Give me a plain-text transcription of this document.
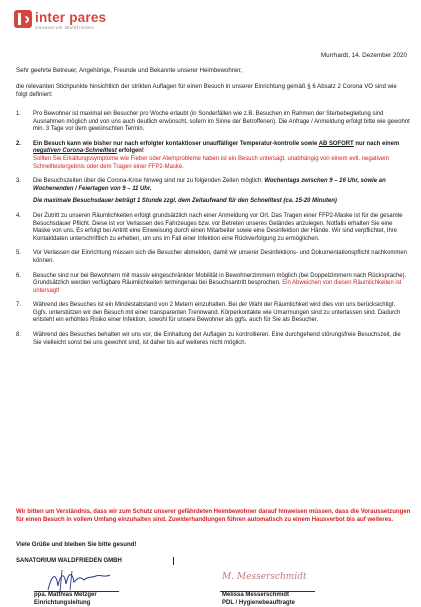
inter pares
Sanatorium Waldfrieden
Murrhardt, 14. Dezember 2020
Sehr geehrte Betreuer, Angehörige, Freunde und Bekannte unserer Heimbewohner,
die relevanten Stichpunkte hinsichtlich der strikten Auflagen für einen Besuch in unserer Einrichtung gemäß § 6 Absatz 2 Corona VO sind wie folgt definiert:
1.	Pro Bewohner ist maximal ein Besucher pro Woche erlaubt (in Sonderfällen wie z.B. Besuchen im Rahmen der Sterbebegleitung sind Ausnahmen möglich und von uns auch deutlich erwünscht, sofern im Sinne der Betroffenen). Die Anfrage / Anmeldung erfolgt bitte wie gewohnt min. 3 Tage vor dem gewünschten Termin.
2.	Ein Besuch kann wie bisher nur nach erfolgter kontaktloser unauffälliger Temperatur-kontrolle sowie AB SOFORT nur nach einem negativen Corona-Schnelltest erfolgen!
Sollten Sie Erkältungssymptome wie Fieber oder Atemprobleme haben ist ein Besuch untersagt, unabhängig von einem evtl. negativem Schnelltestergebnis oder dem Tragen einer FFP2-Maske.
3.	Die Besuchszeiten über die Corona-Krise hinweg sind nur zu folgenden Zeiten möglich: Wochentags zwischen 9 – 16 Uhr, sowie an Wochenenden / Feiertagen von 9 – 11 Uhr.
Die maximale Besuchsdauer beträgt 1 Stunde zzgl. dem Zeitaufwand für den Schnelltest (ca. 15-20 Minuten)
4.	Der Zutritt zu unseren Räumlichkeiten erfolgt grundsätzlich nach einer Anmeldung vor Ort. Das Tragen einer FFP2-Maske ist für die gesamte Besuchsdauer Pflicht. Diese ist vor Verlassen des Fahrzeuges bzw. vor Betreten unseres Geländes anzulegen. Notfalls erhalten Sie eine Maske von uns. Es erfolgt bei Antritt eine Einweisung durch einen Mitarbeiter sowie eine Desinfektion der Hände. Wir sind verpflichtet, Ihre Kontaktdaten unterschriftlich zu erheben, um uns im Fall einer Infektion eine Rückverfolgung zu ermöglichen.
5.	Vor Verlassen der Einrichtung müssen sich die Besucher abmelden, damit wir unserer Desinfektions- und Dokumentationspflicht nachkommen können.
6.	Besuche sind nur bei Bewohnern mit massiv eingeschränkter Mobilität in Bewohnerzimmern möglich (bei Doppelzimmern nach Rücksprache). Grundsätzlich werden verfügbare Räumlichkeiten termingenau bei Besuchsantritt besprochen. Ein Abweichen von diesen Räumlichkeiten ist untersagt!
7.	Während des Besuches ist ein Mindestabstand von 2 Metern einzuhalten. Bei der Wahl der Räumlichkeit wird dies von uns berücksichtigt. Ggfs. unterstützen wir den Besuch mit einer transparenten Trennwand. Körperkontakte wie Umarmungen sind zu unterlassen sind. Dadurch entsteht ein erhöhtes Risiko einer Infektion, sowohl für unsere Bewohner als ggfs. auch für Sie als Besucher.
8.	Während des Besuches behalten wir uns vor, die Einhaltung der Auflagen zu kontrollieren. Eine durchgehend störungsfreie Besuchszeit, die Sie vielleicht sonst bei uns gewohnt sind, ist daher bis auf weiteres nicht möglich.
Wir bitten um Verständnis, dass wir zum Schutz unserer gefährdeten Heimbewohner darauf hinweisen müssen, dass die Voraussetzungen für einen Besuch in vollem Umfang einzuhalten sind. Zuwiderhandlungen führen automatisch zu einem Hausverbot bis auf weiteres.
Viele Grüße und bleiben Sie bitte gesund!
SANATORIUM WALDFRIEDEN GMBH
M. Messerschmidt
ppa. Matthias Metzger
Einrichtungsleitung
Melissa Messerschmidt
PDL / Hygienebeauftragte
